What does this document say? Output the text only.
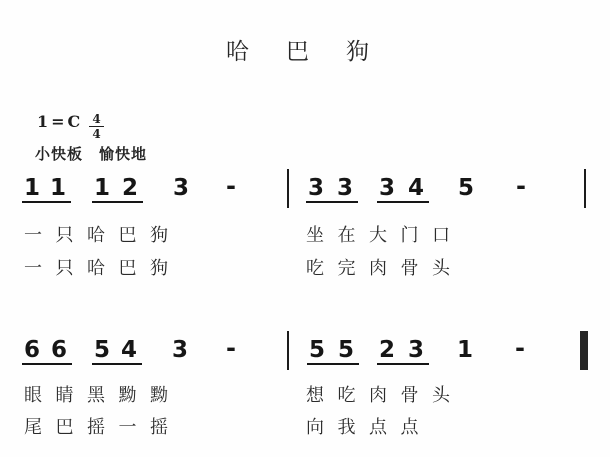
哈巴狗
$1=C \frac{4}{4}$
小快板　愉快地
1 1 1 2 3 -	3 3 3 4 5 -
一只哈巴狗	坐在大门口
一只哈巴狗	吃完肉骨头
6 6 5 4 3 -	5 5 2 3 1 -
眼睛黑黝黝	想吃肉骨头
尾巴摇一摇	向我点点
